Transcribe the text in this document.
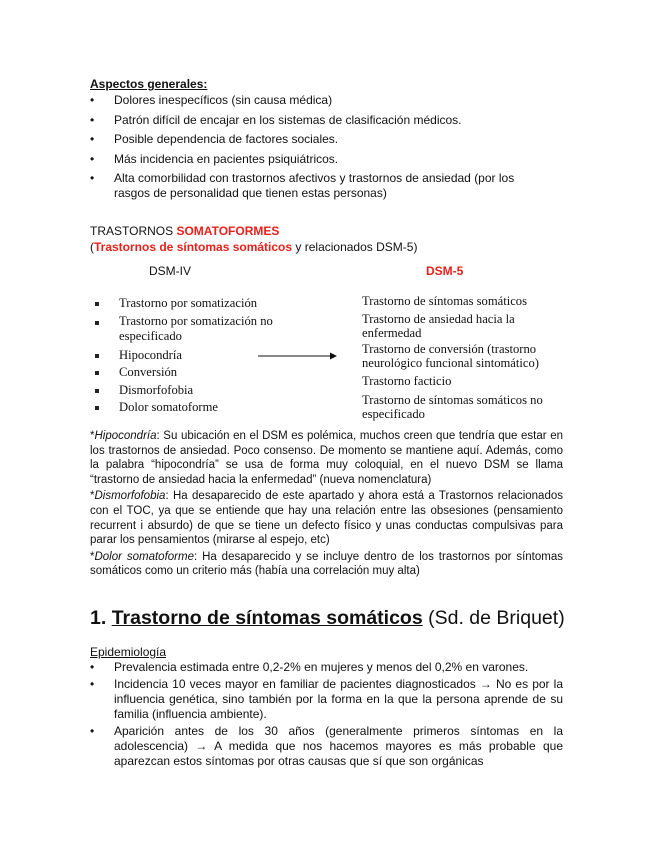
Aspectos generales:
• Dolores inespecíficos (sin causa médica)
• Patrón difícil de encajar en los sistemas de clasificación médicos.
• Posible dependencia de factores sociales.
• Más incidencia en pacientes psiquiátricos.
• Alta comorbilidad con trastornos afectivos y trastornos de ansiedad (por los rasgos de personalidad que tienen estas personas)
TRASTORNOS SOMATOFORMES
(Trastornos de síntomas somáticos y relacionados DSM-5)
DSM-IV	DSM-5
Trastorno por somatización
Trastorno por somatización no especificado
Hipocondría
Conversión
Dismorfofobia
Dolor somatoforme
Trastorno de síntomas somáticos
Trastorno de ansiedad hacia la enfermedad
Trastorno de conversión (trastorno neurológico funcional sintomático)
Trastorno facticio
Trastorno de síntomas somáticos no especificado

*Hipocondría: Su ubicación en el DSM es polémica, muchos creen que tendría que estar en los trastornos de ansiedad. Poco consenso. De momento se mantiene aquí. Además, como la palabra “hipocondría” se usa de forma muy coloquial, en el nuevo DSM se llama “trastorno de ansiedad hacia la enfermedad” (nueva nomenclatura)

*Dismorfofobia: Ha desaparecido de este apartado y ahora está a Trastornos relacionados con el TOC, ya que se entiende que hay una relación entre las obsesiones (pensamiento recurrent i absurdo) de que se tiene un defecto físico y unas conductas compulsivas para parar los pensamientos (mirarse al espejo, etc)

*Dolor somatoforme: Ha desaparecido y se incluye dentro de los trastornos por síntomas somáticos como un criterio más (había una correlación muy alta)

1. Trastorno de síntomas somáticos (Sd. de Briquet)
Epidemiología
• Prevalencia estimada entre 0,2-2% en mujeres y menos del 0,2% en varones.
• Incidencia 10 veces mayor en familiar de pacientes diagnosticados → No es por la influencia genética, sino también por la forma en la que la persona aprende de su familia (influencia ambiente).
• Aparición antes de los 30 años (generalmente primeros síntomas en la adolescencia) → A medida que nos hacemos mayores es más probable que aparezcan estos síntomas por otras causas que sí que son orgánicas
